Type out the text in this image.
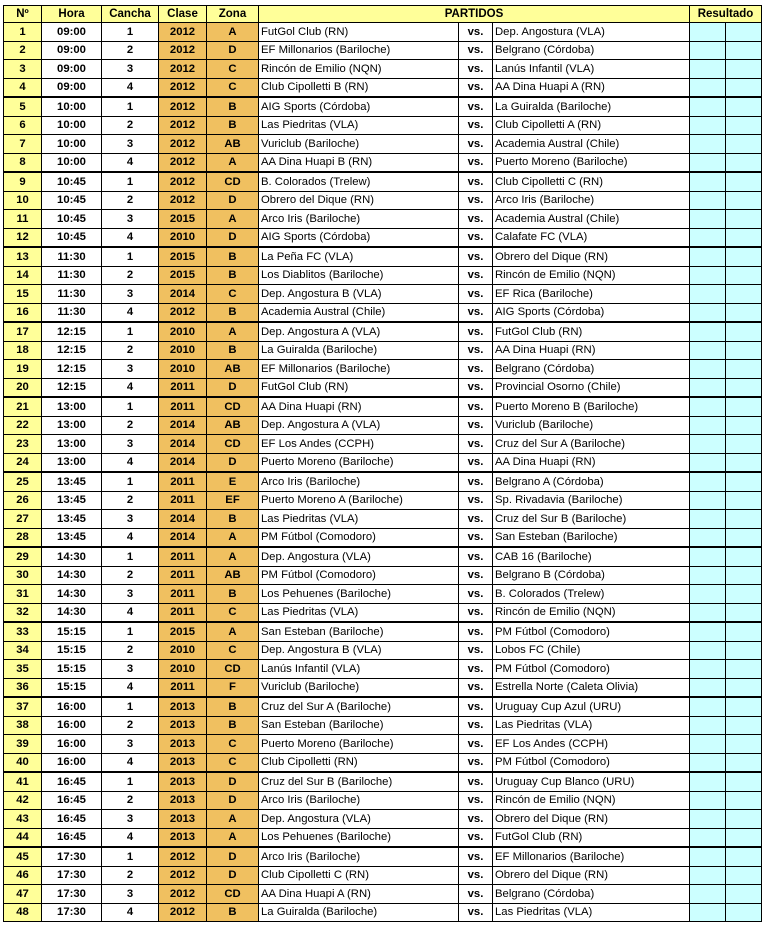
Nº	Hora	Cancha	Clase	Zona	PARTIDOS			Resultado	
1	09:00	1	2012	A	FutGol Club (RN)	vs.	Dep. Angostura (VLA)		
2	09:00	2	2012	D	EF Millonarios (Bariloche)	vs.	Belgrano (Córdoba)		
3	09:00	3	2012	C	Rincón de Emilio (NQN)	vs.	Lanús Infantil (VLA)		
4	09:00	4	2012	C	Club Cipolletti B (RN)	vs.	AA Dina Huapi A (RN)		
5	10:00	1	2012	B	AIG Sports (Córdoba)	vs.	La Guiralda (Bariloche)		
6	10:00	2	2012	B	Las Piedritas (VLA)	vs.	Club Cipolletti A (RN)		
7	10:00	3	2012	AB	Vuriclub (Bariloche)	vs.	Academia Austral (Chile)		
8	10:00	4	2012	A	AA Dina Huapi B (RN)	vs.	Puerto Moreno (Bariloche)		
9	10:45	1	2012	CD	B. Colorados (Trelew)	vs.	Club Cipolletti C (RN)		
10	10:45	2	2012	D	Obrero del Dique (RN)	vs.	Arco Iris (Bariloche)		
11	10:45	3	2015	A	Arco Iris (Bariloche)	vs.	Academia Austral (Chile)		
12	10:45	4	2010	D	AIG Sports (Córdoba)	vs.	Calafate FC (VLA)		
13	11:30	1	2015	B	La Peña FC (VLA)	vs.	Obrero del Dique (RN)		
14	11:30	2	2015	B	Los Diablitos (Bariloche)	vs.	Rincón de Emilio (NQN)		
15	11:30	3	2014	C	Dep. Angostura B (VLA)	vs.	EF Rica (Bariloche)		
16	11:30	4	2012	B	Academia Austral (Chile)	vs.	AIG Sports (Córdoba)		
17	12:15	1	2010	A	Dep. Angostura A (VLA)	vs.	FutGol Club (RN)		
18	12:15	2	2010	B	La Guiralda (Bariloche)	vs.	AA Dina Huapi (RN)		
19	12:15	3	2010	AB	EF Millonarios (Bariloche)	vs.	Belgrano (Córdoba)		
20	12:15	4	2011	D	FutGol Club (RN)	vs.	Provincial Osorno (Chile)		
21	13:00	1	2011	CD	AA Dina Huapi (RN)	vs.	Puerto Moreno B (Bariloche)		
22	13:00	2	2014	AB	Dep. Angostura A (VLA)	vs.	Vuriclub (Bariloche)		
23	13:00	3	2014	CD	EF Los Andes (CCPH)	vs.	Cruz del Sur A (Bariloche)		
24	13:00	4	2014	D	Puerto Moreno (Bariloche)	vs.	AA Dina Huapi (RN)		
25	13:45	1	2011	E	Arco Iris (Bariloche)	vs.	Belgrano A (Córdoba)		
26	13:45	2	2011	EF	Puerto Moreno A (Bariloche)	vs.	Sp. Rivadavia (Bariloche)		
27	13:45	3	2014	B	Las Piedritas (VLA)	vs.	Cruz del Sur B (Bariloche)		
28	13:45	4	2014	A	PM Fútbol (Comodoro)	vs.	San Esteban (Bariloche)		
29	14:30	1	2011	A	Dep. Angostura (VLA)	vs.	CAB 16 (Bariloche)		
30	14:30	2	2011	AB	PM Fútbol (Comodoro)	vs.	Belgrano B (Córdoba)		
31	14:30	3	2011	B	Los Pehuenes (Bariloche)	vs.	B. Colorados (Trelew)		
32	14:30	4	2011	C	Las Piedritas (VLA)	vs.	Rincón de Emilio (NQN)		
33	15:15	1	2015	A	San Esteban (Bariloche)	vs.	PM Fútbol (Comodoro)		
34	15:15	2	2010	C	Dep. Angostura B (VLA)	vs.	Lobos FC (Chile)		
35	15:15	3	2010	CD	Lanús Infantil (VLA)	vs.	PM Fútbol (Comodoro)		
36	15:15	4	2011	F	Vuriclub (Bariloche)	vs.	Estrella Norte (Caleta Olivia)		
37	16:00	1	2013	B	Cruz del Sur A (Bariloche)	vs.	Uruguay Cup Azul (URU)		
38	16:00	2	2013	B	San Esteban (Bariloche)	vs.	Las Piedritas (VLA)		
39	16:00	3	2013	C	Puerto Moreno (Bariloche)	vs.	EF Los Andes (CCPH)		
40	16:00	4	2013	C	Club Cipolletti (RN)	vs.	PM Fútbol (Comodoro)		
41	16:45	1	2013	D	Cruz del Sur B (Bariloche)	vs.	Uruguay Cup Blanco (URU)		
42	16:45	2	2013	D	Arco Iris (Bariloche)	vs.	Rincón de Emilio (NQN)		
43	16:45	3	2013	A	Dep. Angostura (VLA)	vs.	Obrero del Dique (RN)		
44	16:45	4	2013	A	Los Pehuenes (Bariloche)	vs.	FutGol Club (RN)		
45	17:30	1	2012	D	Arco Iris (Bariloche)	vs.	EF Millonarios (Bariloche)		
46	17:30	2	2012	D	Club Cipolletti C (RN)	vs.	Obrero del Dique (RN)		
47	17:30	3	2012	CD	AA Dina Huapi A (RN)	vs.	Belgrano (Córdoba)		
48	17:30	4	2012	B	La Guiralda (Bariloche)	vs.	Las Piedritas (VLA)		
